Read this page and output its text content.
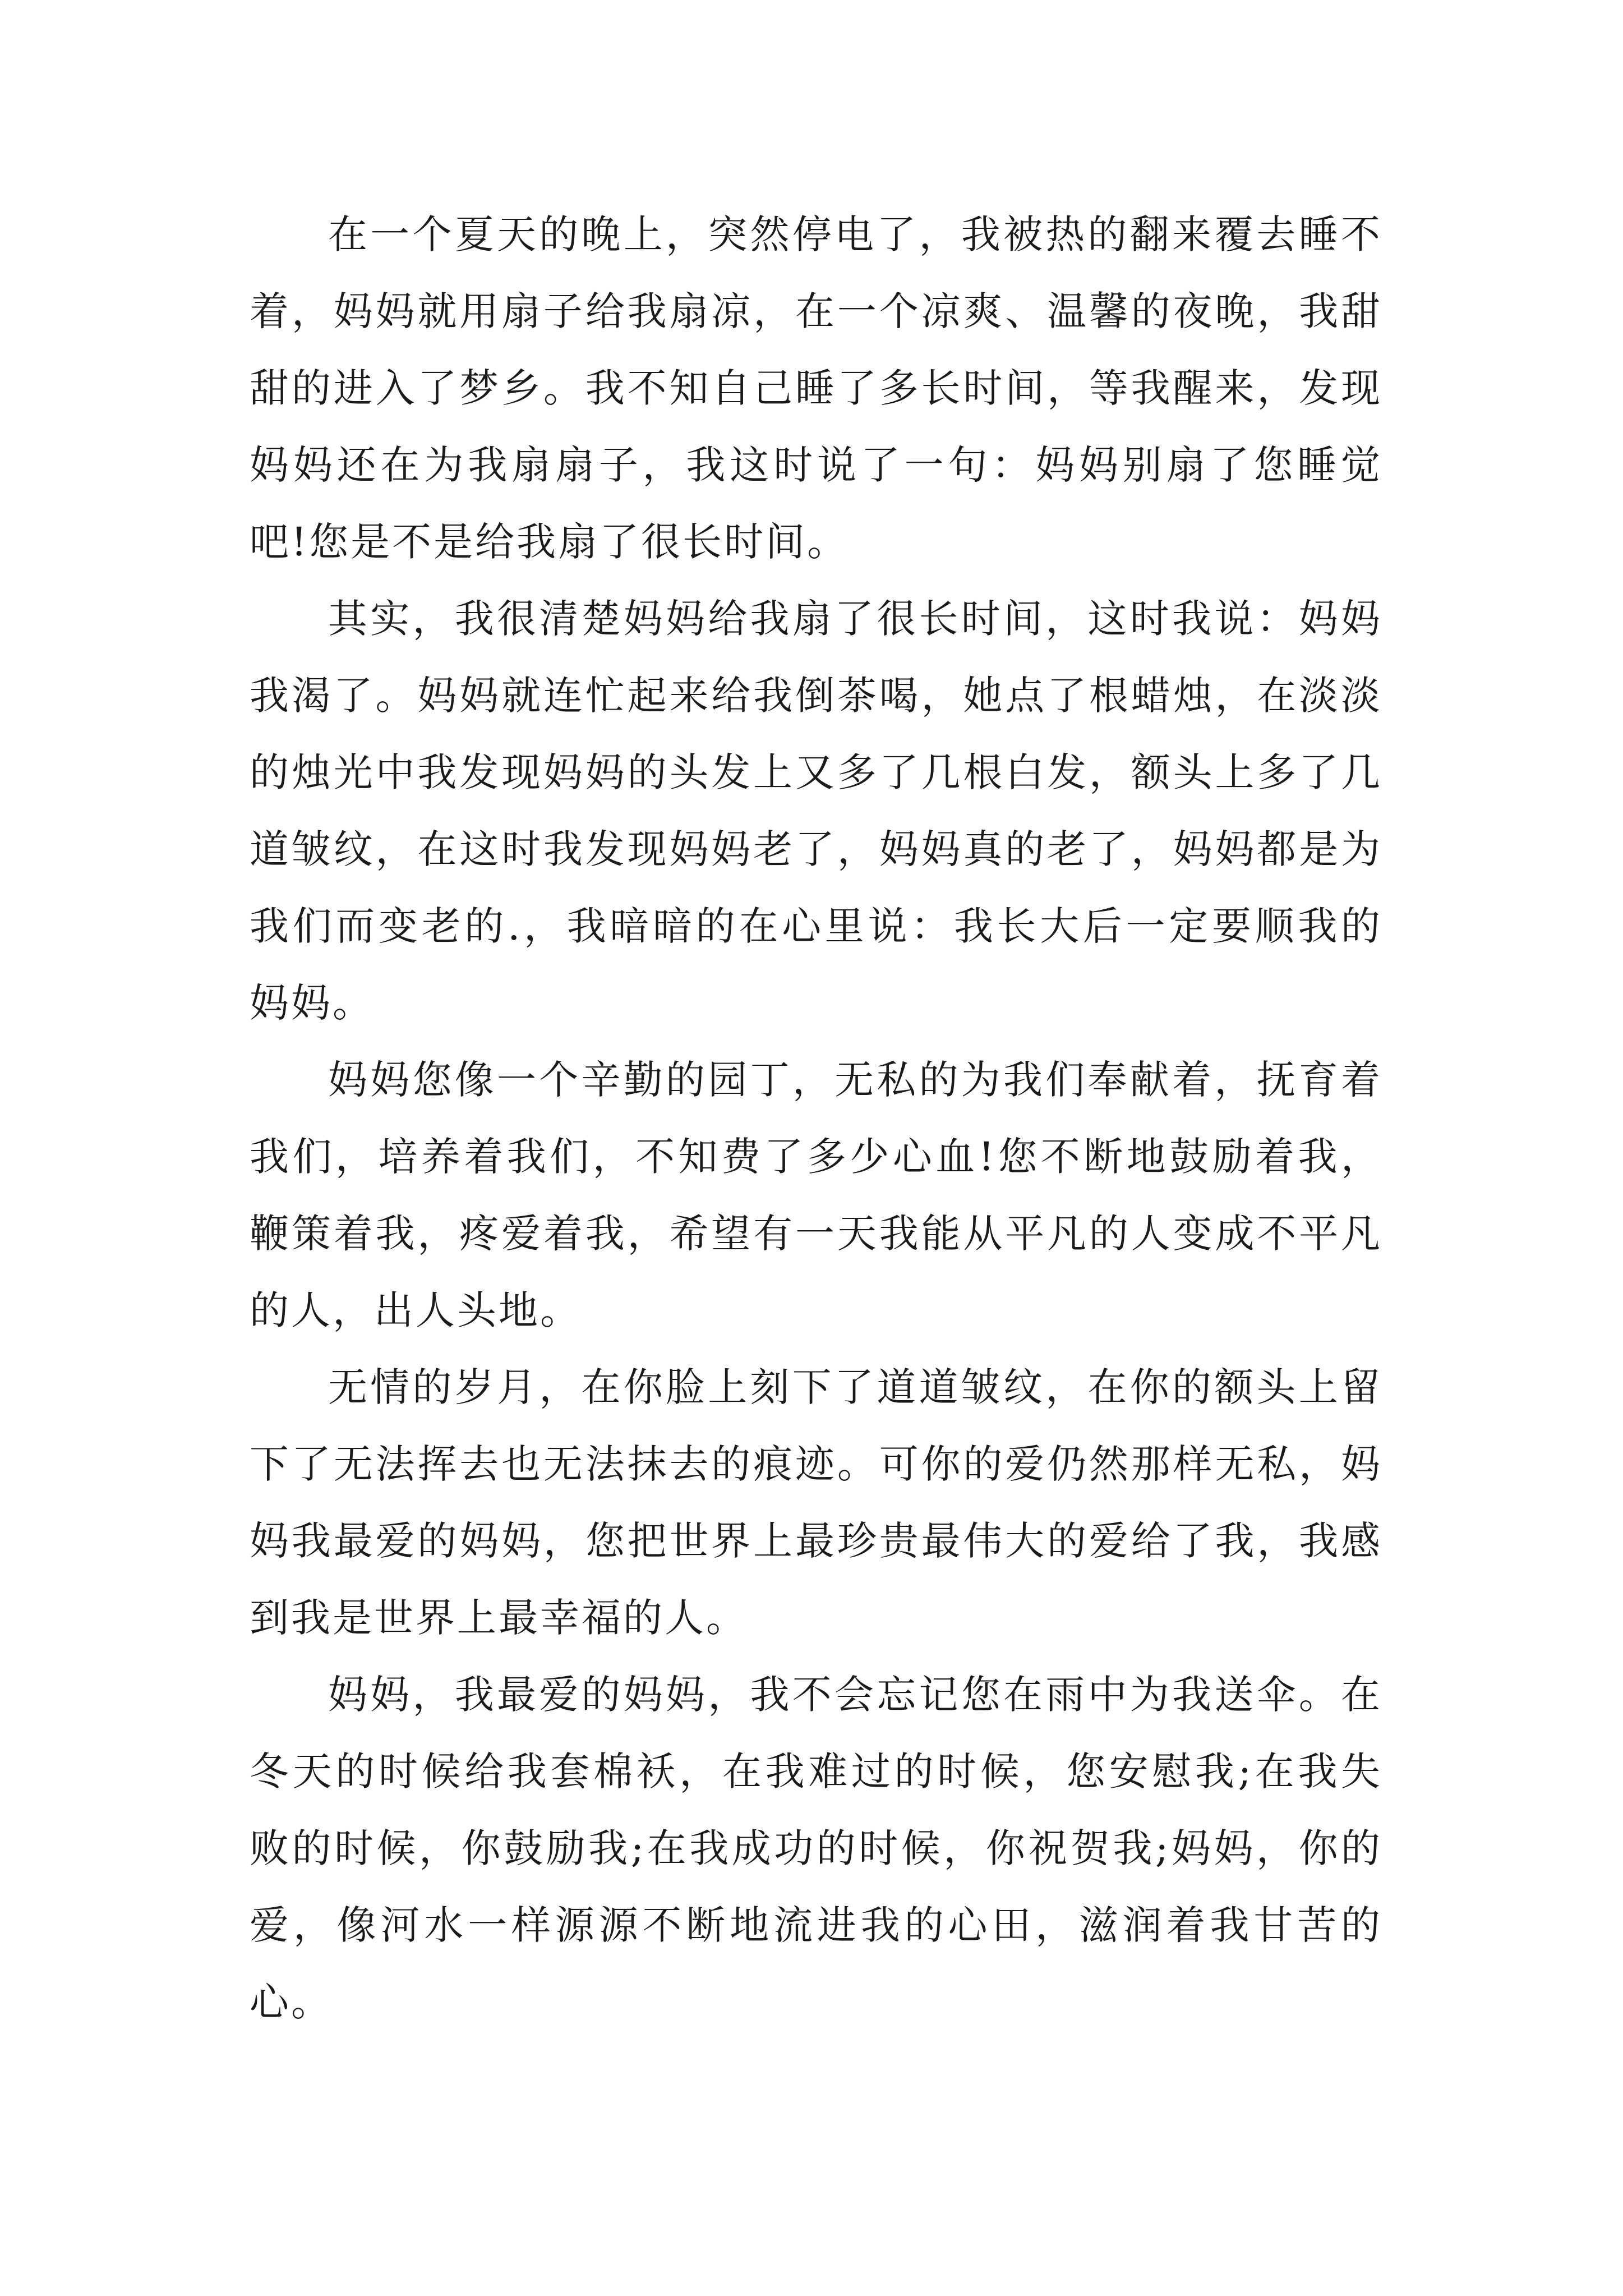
在一个夏天的晚上，突然停电了，我被热的翻来覆去睡不着，妈妈就用扇子给我扇凉，在一个凉爽、温馨的夜晚，我甜甜的进入了梦乡。我不知自己睡了多长时间，等我醒来，发现妈妈还在为我扇扇子，我这时说了一句：妈妈别扇了您睡觉吧!您是不是给我扇了很长时间。

其实，我很清楚妈妈给我扇了很长时间，这时我说：妈妈我渴了。妈妈就连忙起来给我倒茶喝，她点了根蜡烛，在淡淡的烛光中我发现妈妈的头发上又多了几根白发，额头上多了几道皱纹，在这时我发现妈妈老了，妈妈真的老了，妈妈都是为我们而变老的.，我暗暗的在心里说：我长大后一定要顺我的妈妈。

妈妈您像一个辛勤的园丁，无私的为我们奉献着，抚育着我们，培养着我们，不知费了多少心血!您不断地鼓励着我，鞭策着我，疼爱着我，希望有一天我能从平凡的人变成不平凡的人，出人头地。

无情的岁月，在你脸上刻下了道道皱纹，在你的额头上留下了无法挥去也无法抹去的痕迹。可你的爱仍然那样无私，妈妈我最爱的妈妈，您把世界上最珍贵最伟大的爱给了我，我感到我是世界上最幸福的人。

妈妈，我最爱的妈妈，我不会忘记您在雨中为我送伞。在冬天的时候给我套棉袄，在我难过的时候，您安慰我;在我失败的时候，你鼓励我;在我成功的时候，你祝贺我;妈妈，你的爱，像河水一样源源不断地流进我的心田，滋润着我甘苦的心。
